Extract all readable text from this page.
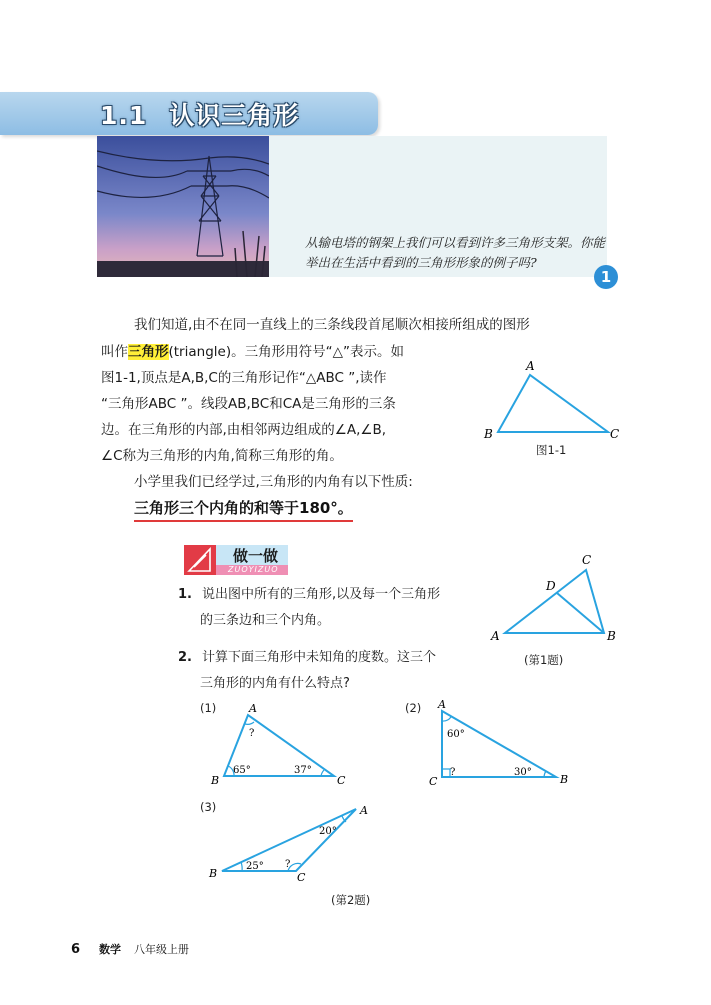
1.1 认识三角形
从输电塔的钢架上我们可以看到许多三角形支架。你能举出在生活中看到的三角形形象的例子吗?
1
我们知道,由不在同一直线上的三条线段首尾顺次相接所组成的图形
叫作三角形(triangle)。三角形用符号“△”表示。如
图1-1,顶点是A,B,C的三角形记作“△ABC ”,读作
“三角形ABC ”。线段AB,BC和CA是三角形的三条
边。在三角形的内部,由相邻两边组成的∠A,∠B,
∠C称为三角形的内角,简称三角形的角。
小学里我们已经学过,三角形的内角有以下性质:
三角形三个内角的和等于180°。
A
B	C
图1-1
做一做
ZUOYIZUO
1. 说出图中所有的三角形,以及每一个三角形
的三条边和三个内角。
2. 计算下面三角形中未知角的度数。这三个
三角形的内角有什么特点?
C
D
A	B
(第1题)
(1)	A
B	C
?
65°	37°
(2) A
C	B
60°
?	30°
(3)	A
B	C
20°
25° ?
(第2题)
6 数学 八年级上册
